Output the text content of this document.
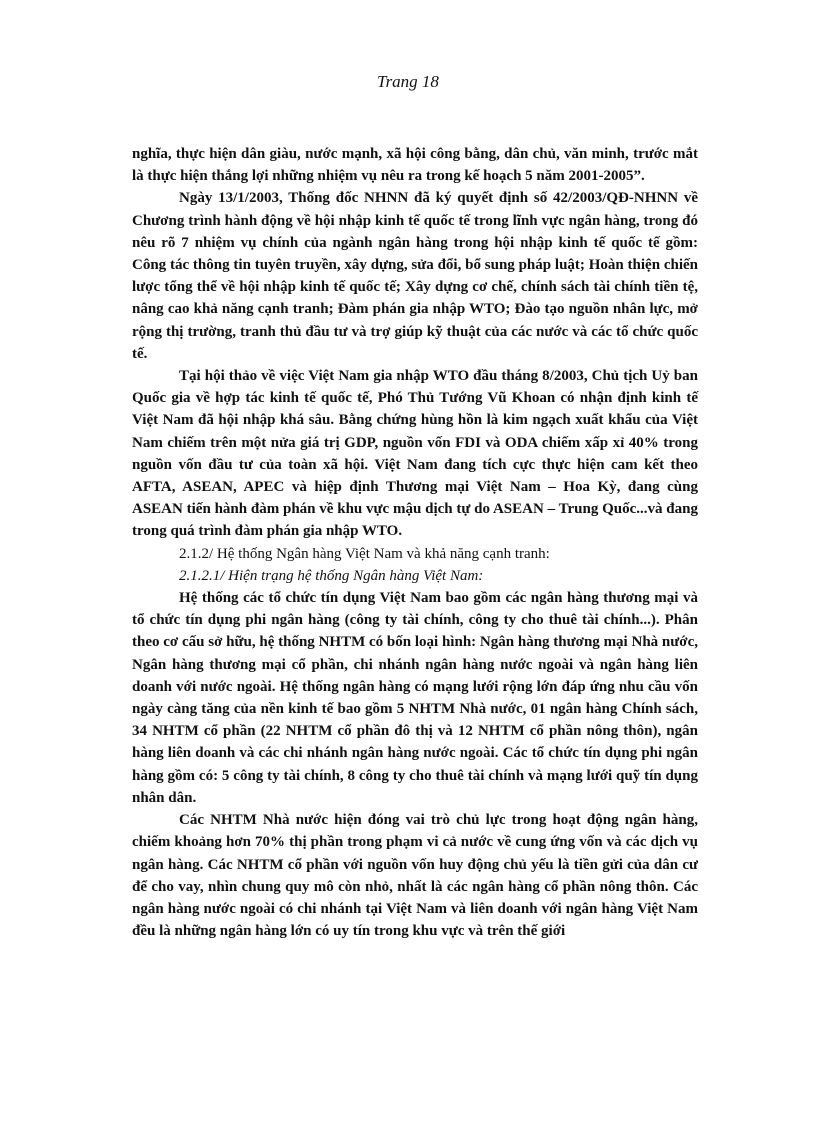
Trang 18

nghĩa, thực hiện dân giàu, nước mạnh, xã hội công bằng, dân chủ, văn minh, trước mắt là thực hiện thắng lợi những nhiệm vụ nêu ra trong kế hoạch 5 năm 2001-2005”.

Ngày 13/1/2003, Thống đốc NHNN đã ký quyết định số 42/2003/QĐ-NHNN về Chương trình hành động về hội nhập kinh tế quốc tế trong lĩnh vực ngân hàng, trong đó nêu rõ 7 nhiệm vụ chính của ngành ngân hàng trong hội nhập kinh tế quốc tế gồm: Công tác thông tin tuyên truyền, xây dựng, sửa đổi, bổ sung pháp luật; Hoàn thiện chiến lược tổng thể về hội nhập kinh tế quốc tế; Xây dựng cơ chế, chính sách tài chính tiền tệ, nâng cao khả năng cạnh tranh; Đàm phán gia nhập WTO; Đào tạo nguồn nhân lực, mở rộng thị trường, tranh thủ đầu tư và trợ giúp kỹ thuật của các nước và các tổ chức quốc tế.

Tại hội thảo về việc Việt Nam gia nhập WTO đầu tháng 8/2003, Chủ tịch Uỷ ban Quốc gia về hợp tác kinh tế quốc tế, Phó Thủ Tướng Vũ Khoan có nhận định kinh tế Việt Nam đã hội nhập khá sâu. Bằng chứng hùng hồn là kim ngạch xuất khẩu của Việt Nam chiếm trên một nửa giá trị GDP, nguồn vốn FDI và ODA chiếm xấp xỉ 40% trong nguồn vốn đầu tư của toàn xã hội. Việt Nam đang tích cực thực hiện cam kết theo AFTA, ASEAN, APEC và hiệp định Thương mại Việt Nam – Hoa Kỳ, đang cùng ASEAN tiến hành đàm phán về khu vực mậu dịch tự do ASEAN – Trung Quốc...và đang trong quá trình đàm phán gia nhập WTO.

2.1.2/ Hệ thống Ngân hàng Việt Nam và khả năng cạnh tranh:

2.1.2.1/ Hiện trạng hệ thống Ngân hàng Việt Nam:

Hệ thống các tổ chức tín dụng Việt Nam bao gồm các ngân hàng thương mại và tổ chức tín dụng phi ngân hàng (công ty tài chính, công ty cho thuê tài chính...). Phân theo cơ cấu sở hữu, hệ thống NHTM có bốn loại hình: Ngân hàng thương mại Nhà nước, Ngân hàng thương mại cổ phần, chi nhánh ngân hàng nước ngoài và ngân hàng liên doanh với nước ngoài. Hệ thống ngân hàng có mạng lưới rộng lớn đáp ứng nhu cầu vốn ngày càng tăng của nền kinh tế bao gồm 5 NHTM Nhà nước, 01 ngân hàng Chính sách, 34 NHTM cổ phần (22 NHTM cổ phần đô thị và 12 NHTM cổ phần nông thôn), ngân hàng liên doanh và các chi nhánh ngân hàng nước ngoài. Các tổ chức tín dụng phi ngân hàng gồm có: 5 công ty tài chính, 8 công ty cho thuê tài chính và mạng lưới quỹ tín dụng nhân dân.

Các NHTM Nhà nước hiện đóng vai trò chủ lực trong hoạt động ngân hàng, chiếm khoảng hơn 70% thị phần trong phạm vi cả nước về cung ứng vốn và các dịch vụ ngân hàng. Các NHTM cổ phần với nguồn vốn huy động chủ yếu là tiền gửi của dân cư để cho vay, nhìn chung quy mô còn nhỏ, nhất là các ngân hàng cổ phần nông thôn. Các ngân hàng nước ngoài có chi nhánh tại Việt Nam và liên doanh với ngân hàng Việt Nam đều là những ngân hàng lớn có uy tín trong khu vực và trên thế giới
